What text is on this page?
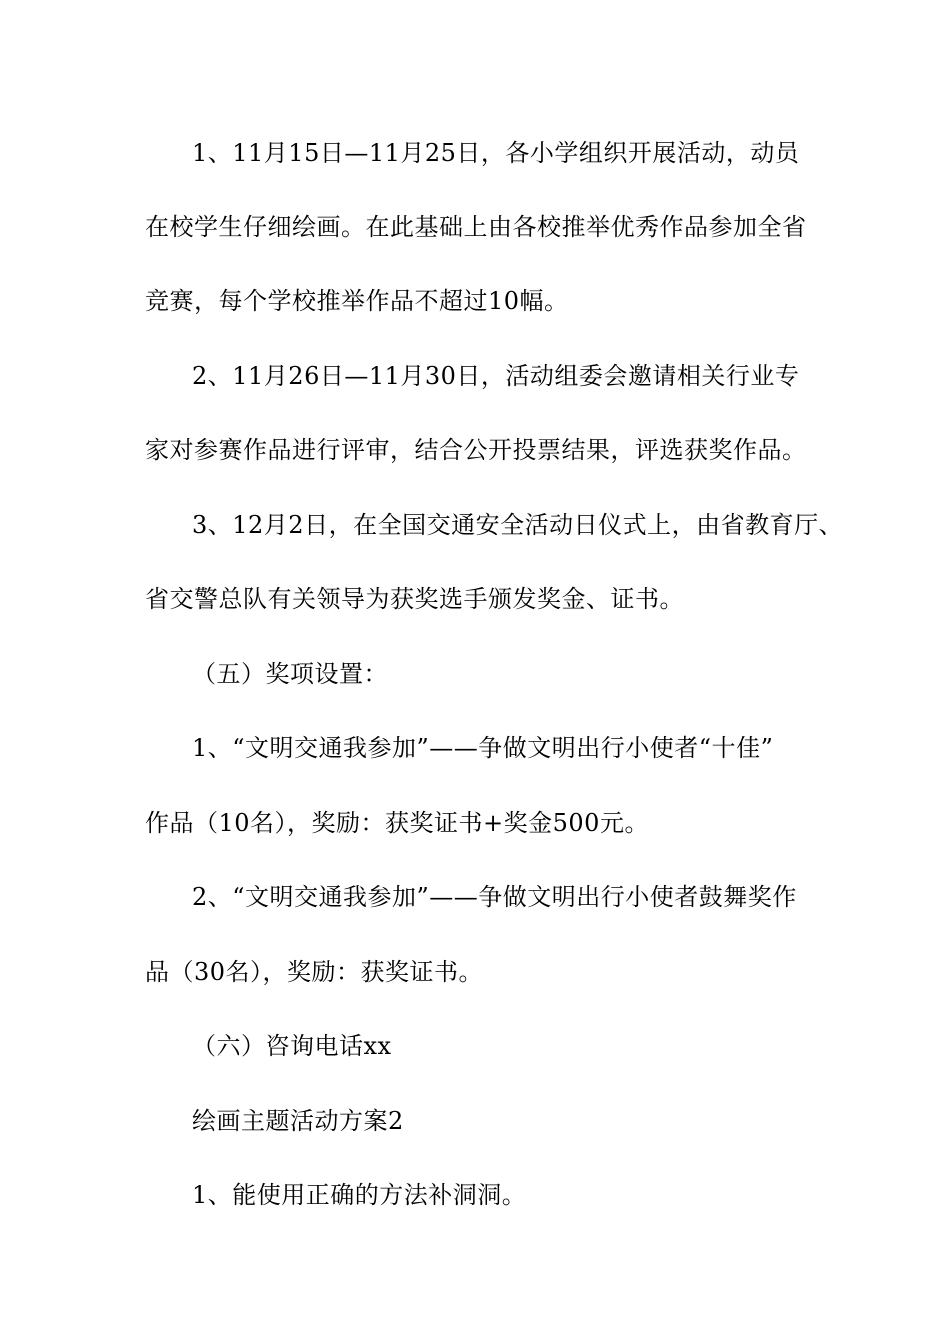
1、11月15日—11月25日，各小学组织开展活动，动员
在校学生仔细绘画。在此基础上由各校推举优秀作品参加全省
竞赛，每个学校推举作品不超过10幅。
2、11月26日—11月30日，活动组委会邀请相关行业专
家对参赛作品进行评审，结合公开投票结果，评选获奖作品。
3、12月2日，在全国交通安全活动日仪式上，由省教育厅、
省交警总队有关领导为获奖选手颁发奖金、证书。
（五）奖项设置：
1、“文明交通我参加”——争做文明出行小使者“十佳”
作品（10名），奖励：获奖证书+奖金500元。
2、“文明交通我参加”——争做文明出行小使者鼓舞奖作
品（30名），奖励：获奖证书。
（六）咨询电话xx
绘画主题活动方案2
1、能使用正确的方法补洞洞。
